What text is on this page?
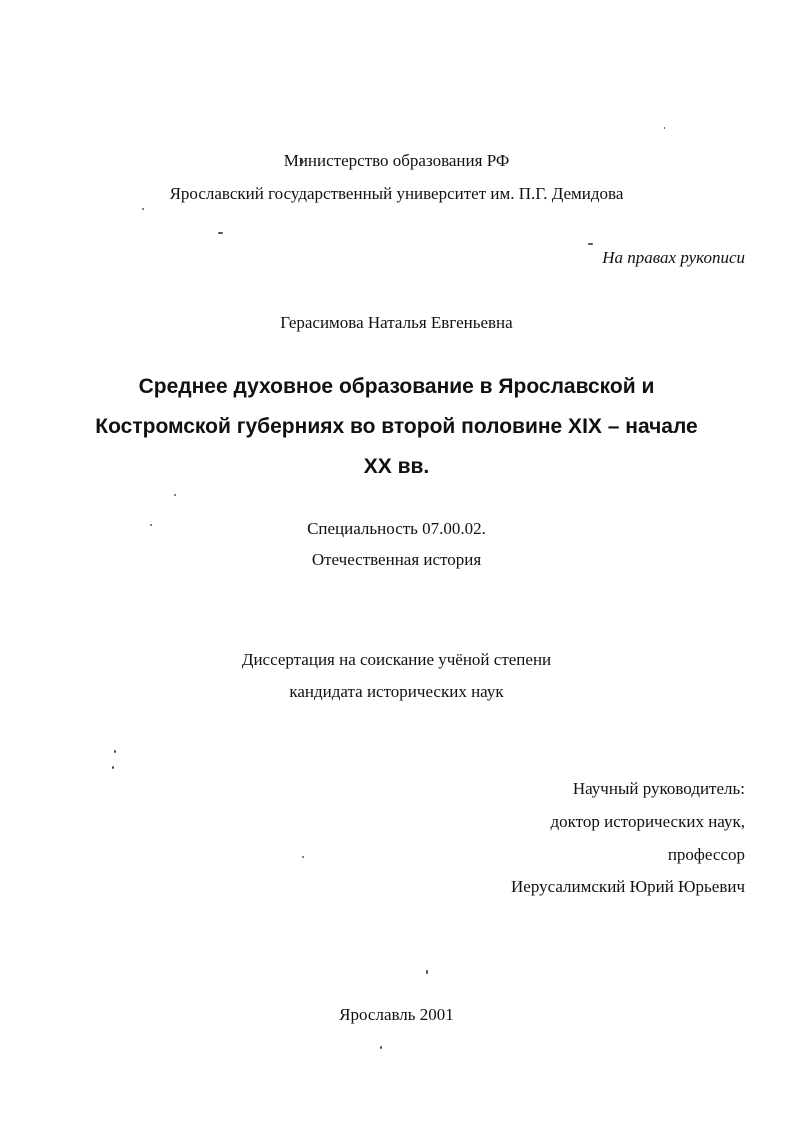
Министерство образования РФ
Ярославский государственный университет им. П.Г. Демидова
На правах рукописи
Герасимова Наталья Евгеньевна
Среднее духовное образование в Ярославской и
Костромской губерниях во второй половине XIX – начале
XX вв.
Специальность 07.00.02.
Отечественная история
Диссертация на соискание учёной степени
кандидата исторических наук
Научный руководитель:
доктор исторических наук,
профессор
Иерусалимский Юрий Юрьевич
Ярославль 2001
